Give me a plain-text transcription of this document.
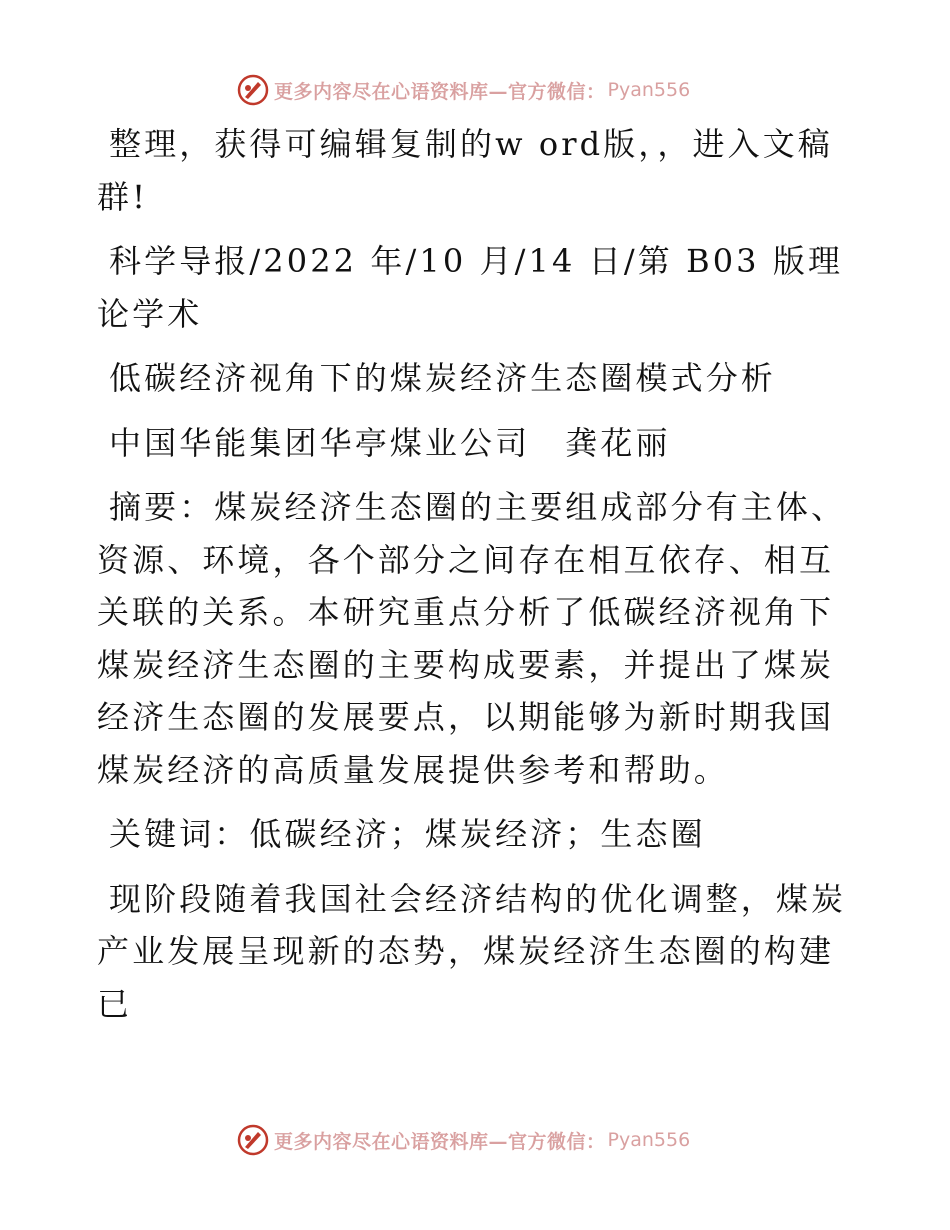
更多内容尽在心语资料库—官方微信： Pyan556

整理，获得可编辑复制的w ord版，，进入文稿群!

科学导报/2022 年/10 月/14 日/第 B03 版理论学术

低碳经济视角下的煤炭经济生态圈模式分析

中国华能集团华亭煤业公司　龚花丽

摘要：煤炭经济生态圈的主要组成部分有主体、资源、环境，各个部分之间存在相互依存、相互关联的关系。本研究重点分析了低碳经济视角下煤炭经济生态圈的主要构成要素，并提出了煤炭经济生态圈的发展要点，以期能够为新时期我国煤炭经济的高质量发展提供参考和帮助。

关键词：低碳经济；煤炭经济；生态圈

现阶段随着我国社会经济结构的优化调整，煤炭产业发展呈现新的态势，煤炭经济生态圈的构建已

更多内容尽在心语资料库—官方微信： Pyan556
